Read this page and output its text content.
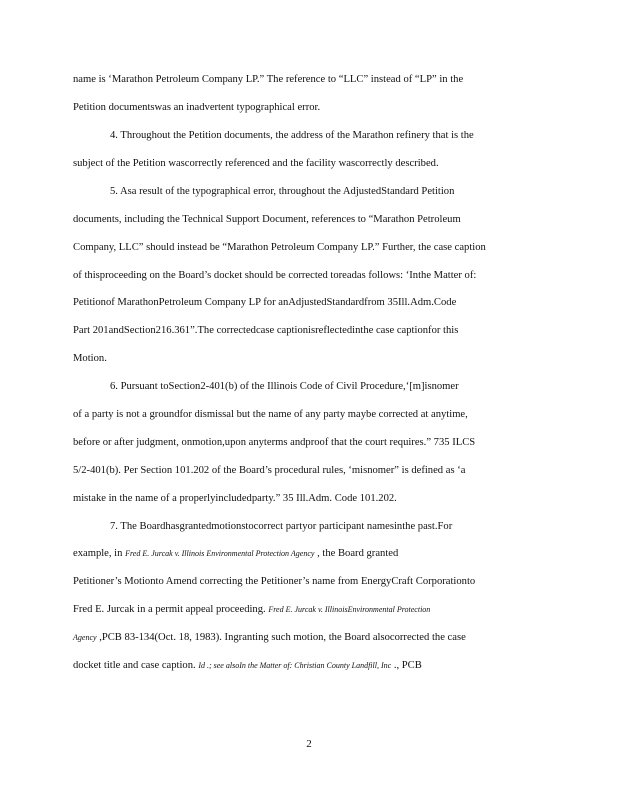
name is ‘Marathon Petroleum Company LP.” The reference to “LLC” instead of “LP” in the
Petition documentswas an inadvertent typographical error.
4. Throughout the Petition documents, the address of the Marathon refinery that is the
subject of the Petition wascorrectly referenced and the facility wascorrectly described.
5. Asa result of the typographical error, throughout the AdjustedStandard Petition
documents, including the Technical Support Document, references to “Marathon Petroleum
Company, LLC” should instead be “Marathon Petroleum Company LP.” Further, the case caption
of thisproceeding on the Board’s docket should be corrected toreadas follows: ‘Inthe Matter of:
Petitionof MarathonPetroleum Company LP for anAdjustedStandardfrom 35Ill.Adm.Code
Part 201andSection216.361”.The correctedcase captionisreflectedinthe case captionfor this
Motion.
6. Pursuant toSection2-401(b) of the Illinois Code of Civil Procedure,‘[m]isnomer
of a party is not a groundfor dismissal but the name of any party maybe corrected at anytime,
before or after judgment, onmotion,upon anyterms andproof that the court requires.” 735 ILCS
5/2-401(b). Per Section 101.202 of the Board’s procedural rules, ‘misnomer” is defined as ‘a
mistake in the name of a properlyincludedparty.” 35 Ill.Adm. Code 101.202.
7. The Boardhasgrantedmotionstocorrect partyor participant namesinthe past.For
example, in Fred E. Jurcak v. Illinois Environmental Protection Agency , the Board granted
Petitioner’s Motionto Amend correcting the Petitioner’s name from EnergyCraft Corporationto
Fred E. Jurcak in a permit appeal proceeding. Fred E. Jurcak v. IllinoisEnvironmental Protection
Agency ,PCB 83-134(Oct. 18, 1983). Ingranting such motion, the Board alsocorrected the case
docket title and case caption. Id .; see alsoIn the Matter of: Christian County Landfill, Inc ., PCB
2
